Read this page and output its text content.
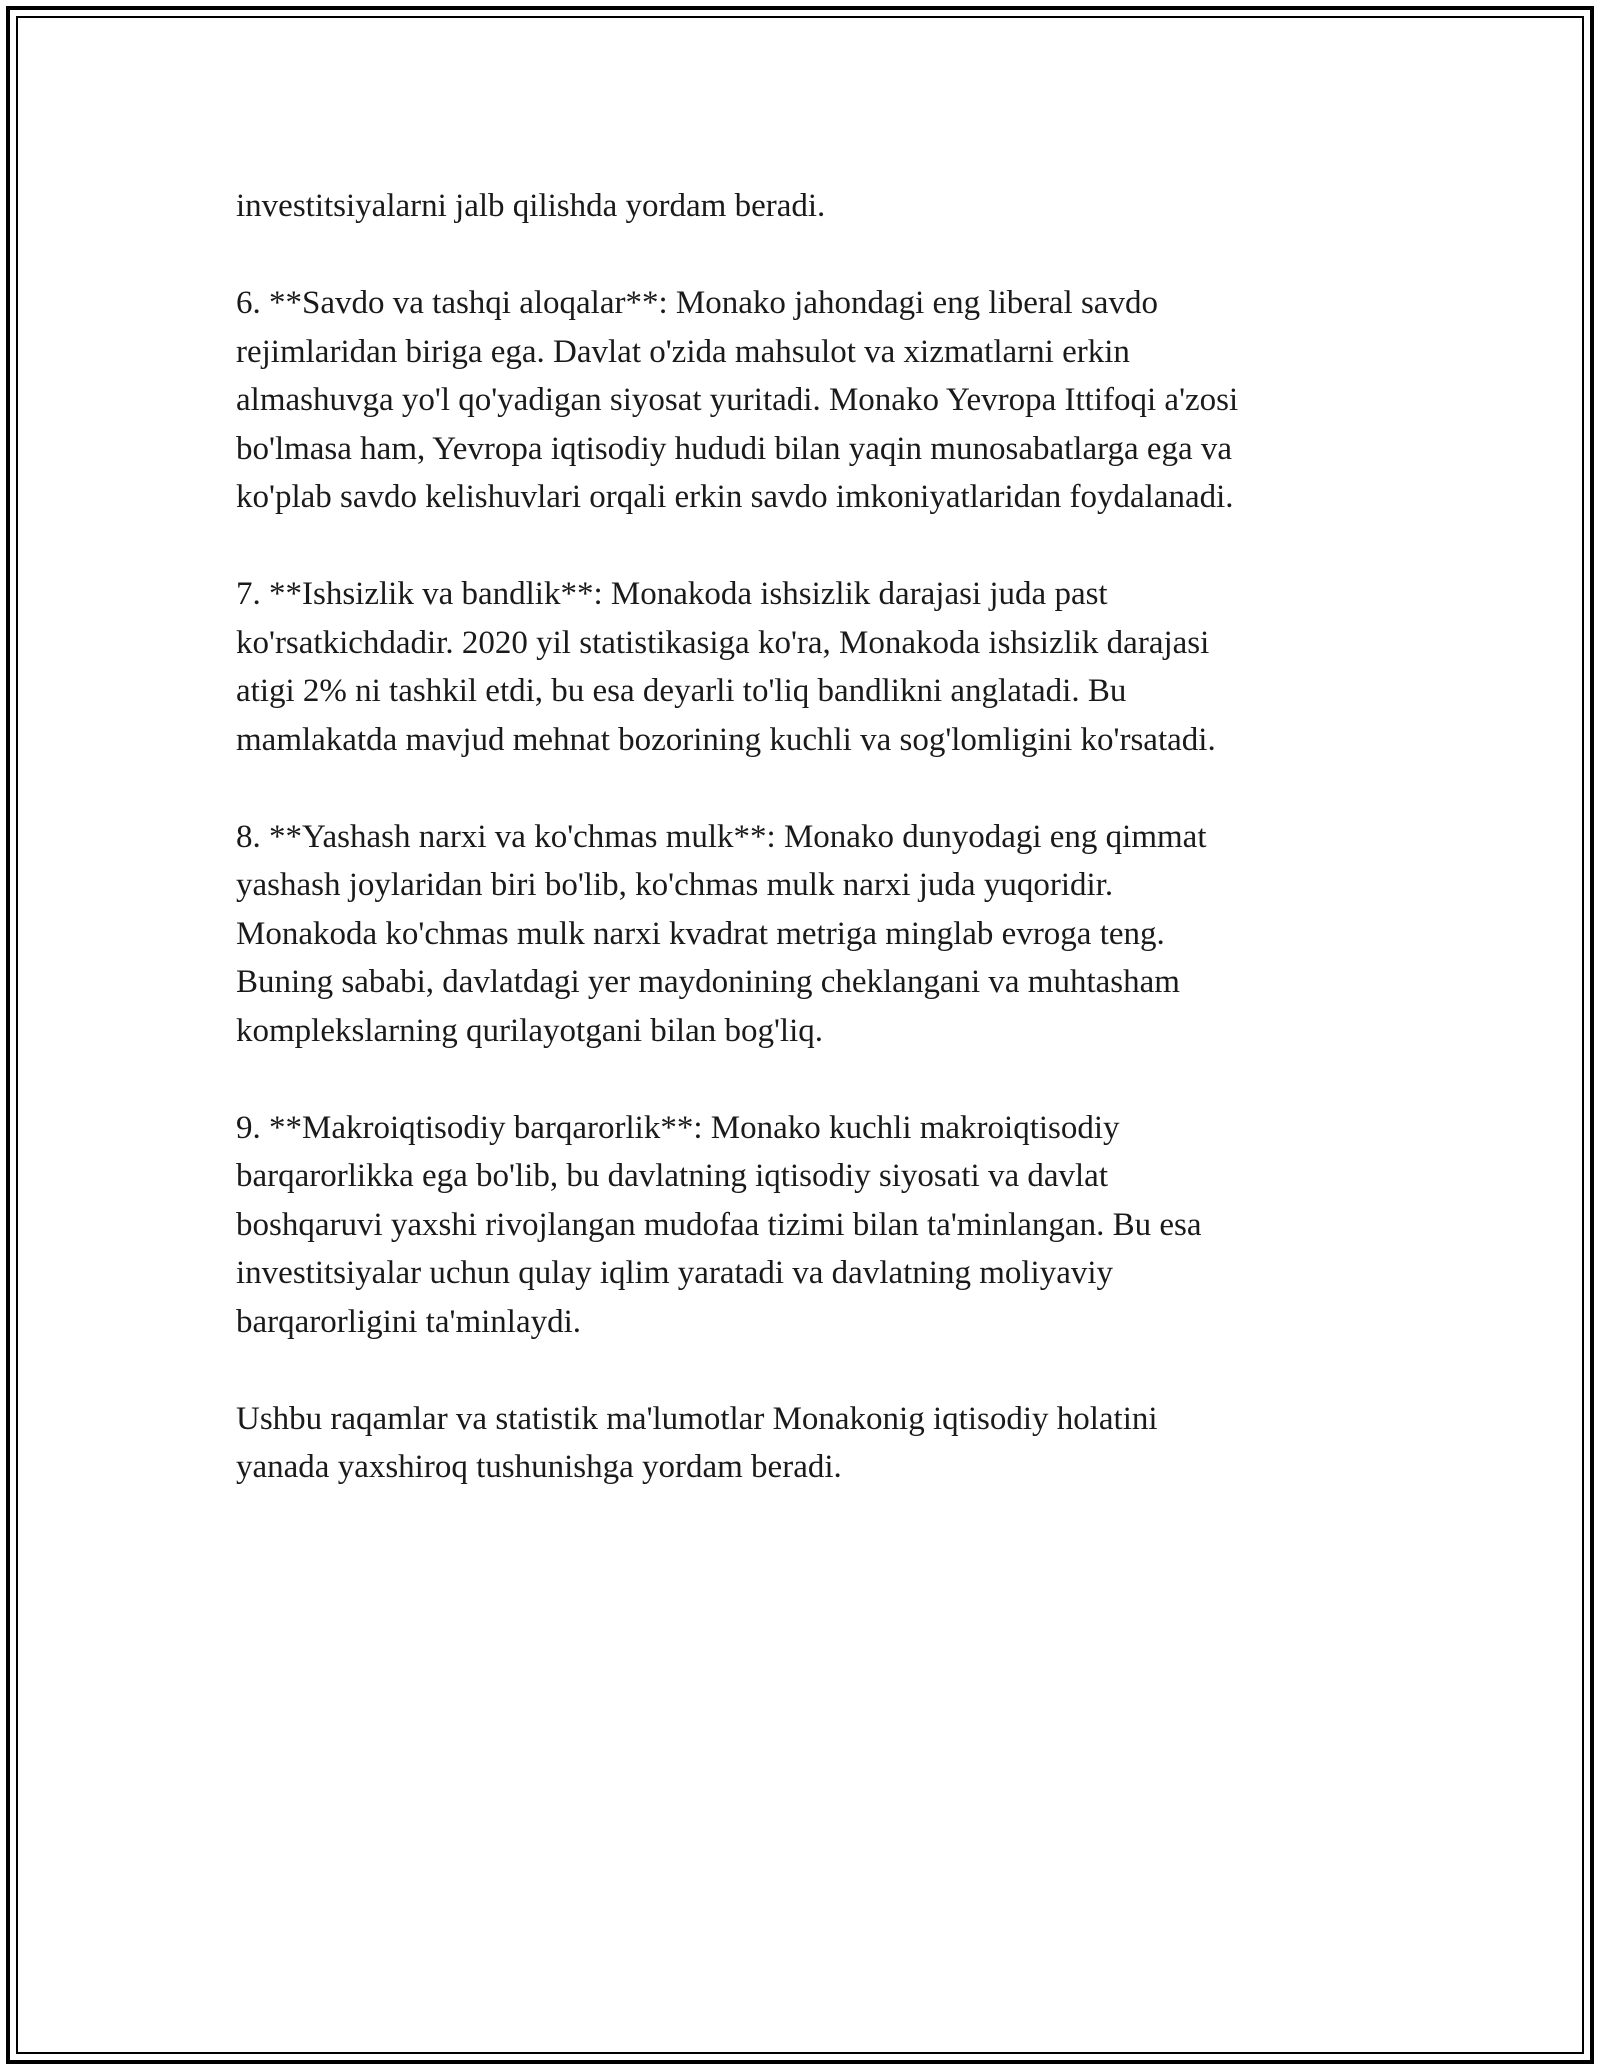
investitsiyalarni jalb qilishda yordam beradi.

6. **Savdo va tashqi aloqalar**: Monako jahondagi eng liberal savdo
rejimlaridan biriga ega. Davlat o'zida mahsulot va xizmatlarni erkin
almashuvga yo'l qo'yadigan siyosat yuritadi. Monako Yevropa Ittifoqi a'zosi
bo'lmasa ham, Yevropa iqtisodiy hududi bilan yaqin munosabatlarga ega va
ko'plab savdo kelishuvlari orqali erkin savdo imkoniyatlaridan foydalanadi.

7. **Ishsizlik va bandlik**: Monakoda ishsizlik darajasi juda past
ko'rsatkichdadir. 2020 yil statistikasiga ko'ra, Monakoda ishsizlik darajasi
atigi 2% ni tashkil etdi, bu esa deyarli to'liq bandlikni anglatadi. Bu
mamlakatda mavjud mehnat bozorining kuchli va sog'lomligini ko'rsatadi.

8. **Yashash narxi va ko'chmas mulk**: Monako dunyodagi eng qimmat
yashash joylaridan biri bo'lib, ko'chmas mulk narxi juda yuqoridir.
Monakoda ko'chmas mulk narxi kvadrat metriga minglab evroga teng.
Buning sababi, davlatdagi yer maydonining cheklangani va muhtasham
komplekslarning qurilayotgani bilan bog'liq.

9. **Makroiqtisodiy barqarorlik**: Monako kuchli makroiqtisodiy
barqarorlikka ega bo'lib, bu davlatning iqtisodiy siyosati va davlat
boshqaruvi yaxshi rivojlangan mudofaa tizimi bilan ta'minlangan. Bu esa
investitsiyalar uchun qulay iqlim yaratadi va davlatning moliyaviy
barqarorligini ta'minlaydi.

Ushbu raqamlar va statistik ma'lumotlar Monakonig iqtisodiy holatini
yanada yaxshiroq tushunishga yordam beradi.
